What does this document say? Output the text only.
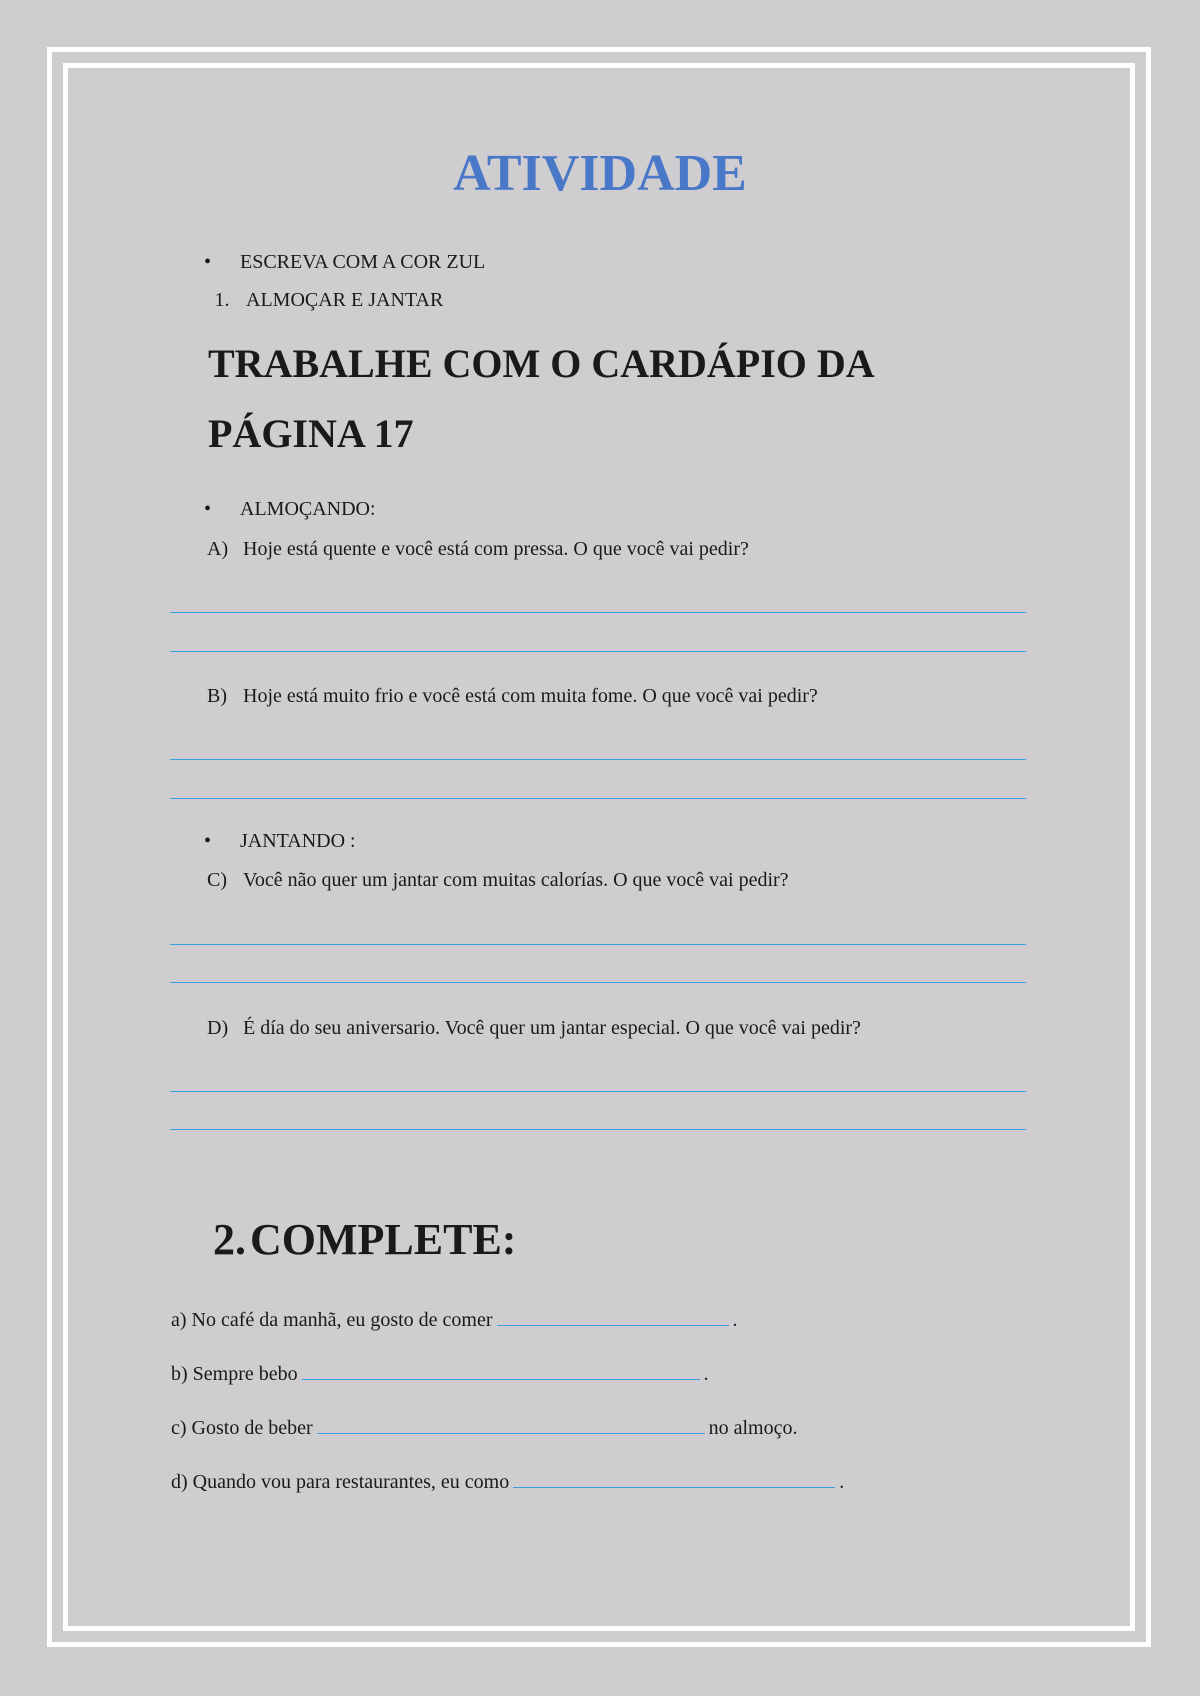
ATIVIDADE
• ESCREVA COM A COR ZUL
1. ALMOÇAR E JANTAR
TRABALHE COM O CARDÁPIO DA
PÁGINA 17
• ALMOÇANDO:
A) Hoje está quente e você está com pressa. O que você vai pedir?
B) Hoje está muito frio e você está com muita fome. O que você vai pedir?
• JANTANDO :
C) Você não quer um jantar com muitas calorías. O que você vai pedir?
D) É día do seu aniversario. Você quer um jantar especial. O que você vai pedir?
2.COMPLETE:
a) No café da manhã, eu gosto de comer	.
b) Sempre bebo	.
c) Gosto de beber	no almoço.
d) Quando vou para restaurantes, eu como	.
